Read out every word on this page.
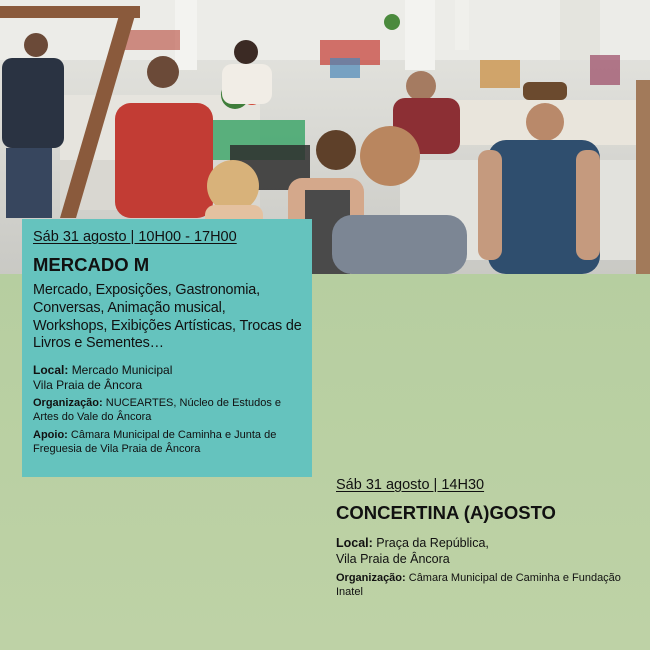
Sáb 31 agosto | 10H00 - 17H00
MERCADO M
Mercado, Exposições, Gastronomia, Conversas, Animação musical, Workshops, Exibições Artísticas, Trocas de Livros e Sementes…
Local: Mercado Municipal
Vila Praia de Âncora
Organização: NUCEARTES, Núcleo de Estudos e Artes do Vale do Âncora
Apoio: Câmara Municipal de Caminha e Junta de Freguesia de Vila Praia de Âncora
Sáb 31 agosto | 14H30
CONCERTINA (A)GOSTO
Local: Praça da República,
Vila Praia de Âncora
Organização: Câmara Municipal de Caminha e Fundação Inatel
